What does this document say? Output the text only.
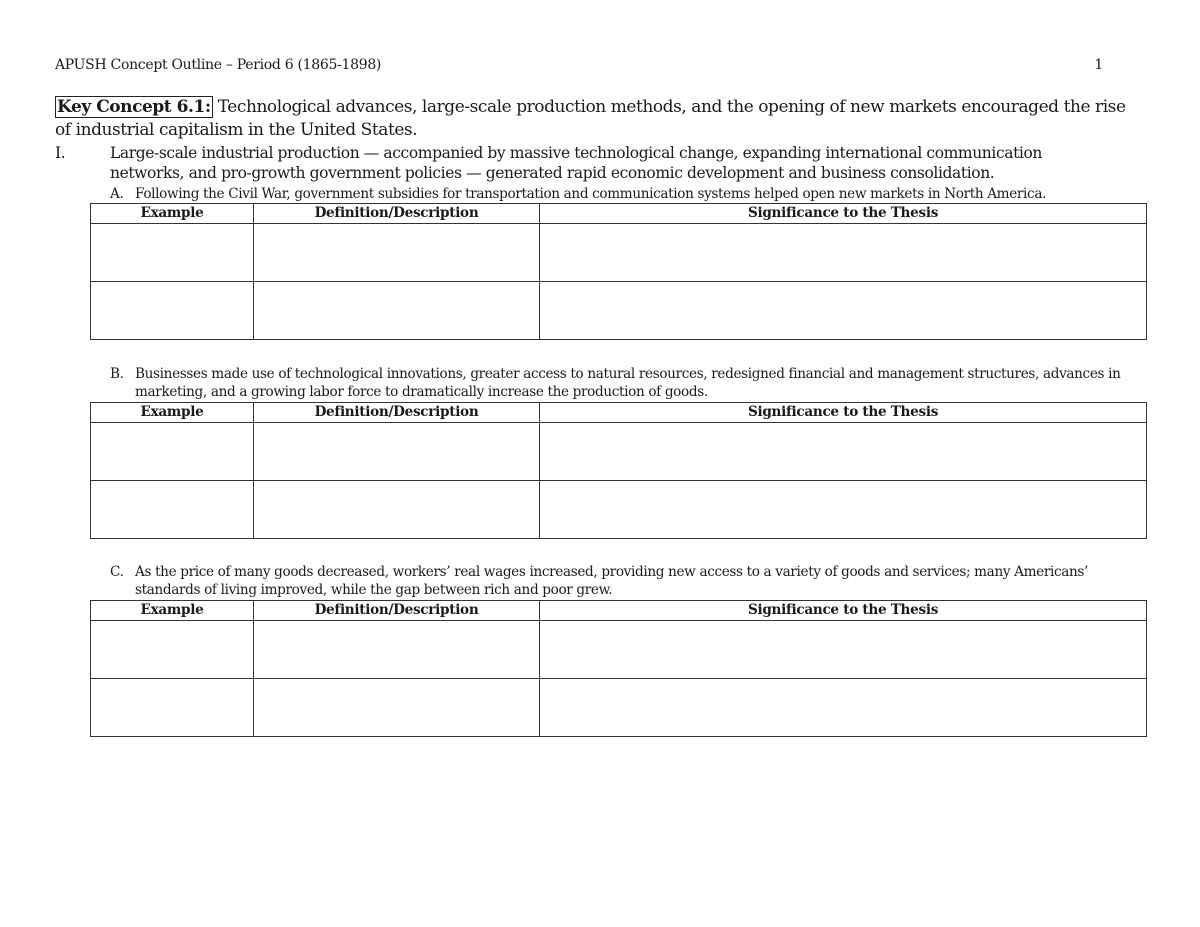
APUSH Concept Outline – Period 6 (1865-1898)	1
Key Concept 6.1: Technological advances, large-scale production methods, and the opening of new markets encouraged the rise of industrial capitalism in the United States.
I.	Large-scale industrial production — accompanied by massive technological change, expanding international communication networks, and pro-growth government policies — generated rapid economic development and business consolidation.
A. Following the Civil War, government subsidies for transportation and communication systems helped open new markets in North America.
Example	Definition/Description	Significance to the Thesis

B. Businesses made use of technological innovations, greater access to natural resources, redesigned financial and management structures, advances in marketing, and a growing labor force to dramatically increase the production of goods.
Example	Definition/Description	Significance to the Thesis

C. As the price of many goods decreased, workers’ real wages increased, providing new access to a variety of goods and services; many Americans’ standards of living improved, while the gap between rich and poor grew.
Example	Definition/Description	Significance to the Thesis
